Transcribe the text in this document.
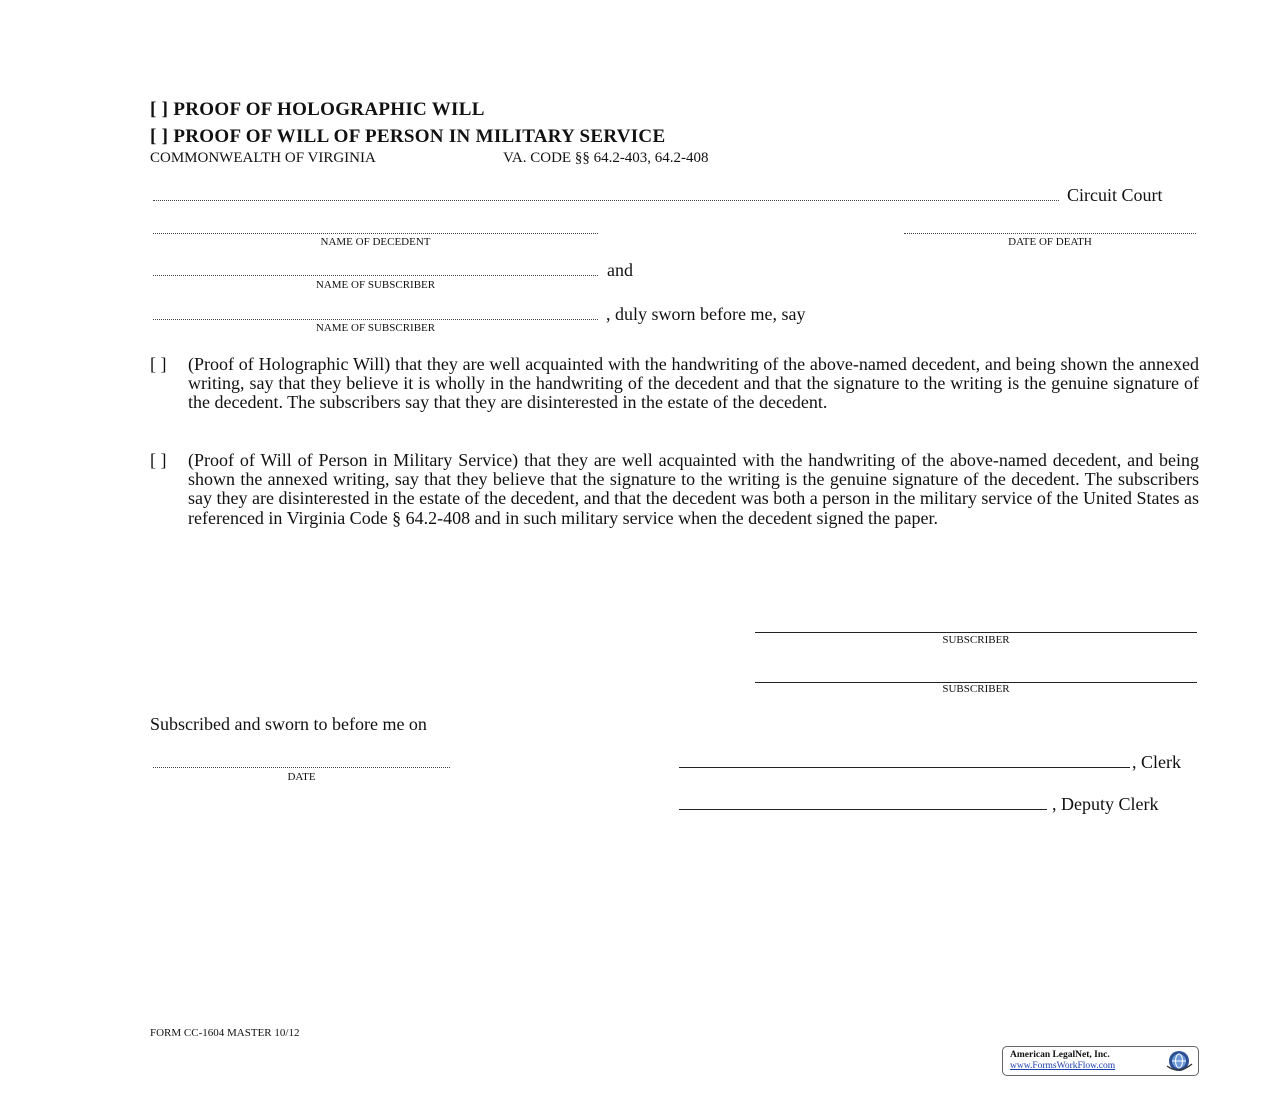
[ ] PROOF OF HOLOGRAPHIC WILL
[ ] PROOF OF WILL OF PERSON IN MILITARY SERVICE
COMMONWEALTH OF VIRGINIA	VA. CODE §§ 64.2-403, 64.2-408
Circuit Court
NAME OF DECEDENT	DATE OF DEATH
and
NAME OF SUBSCRIBER
, duly sworn before me, say
NAME OF SUBSCRIBER
[ ] (Proof of Holographic Will) that they are well acquainted with the handwriting of the above-named decedent, and being shown the annexed writing, say that they believe it is wholly in the handwriting of the decedent and that the signature to the writing is the genuine signature of the decedent. The subscribers say that they are disinterested in the estate of the decedent.
[ ] (Proof of Will of Person in Military Service) that they are well acquainted with the handwriting of the above-named decedent, and being shown the annexed writing, say that they believe that the signature to the writing is the genuine signature of the decedent. The subscribers say they are disinterested in the estate of the decedent, and that the decedent was both a person in the military service of the United States as referenced in Virginia Code § 64.2-408 and in such military service when the decedent signed the paper.
SUBSCRIBER
SUBSCRIBER
Subscribed and sworn to before me on
DATE
, Clerk
, Deputy Clerk
FORM CC-1604 MASTER 10/12
American LegalNet, Inc.
www.FormsWorkFlow.com
